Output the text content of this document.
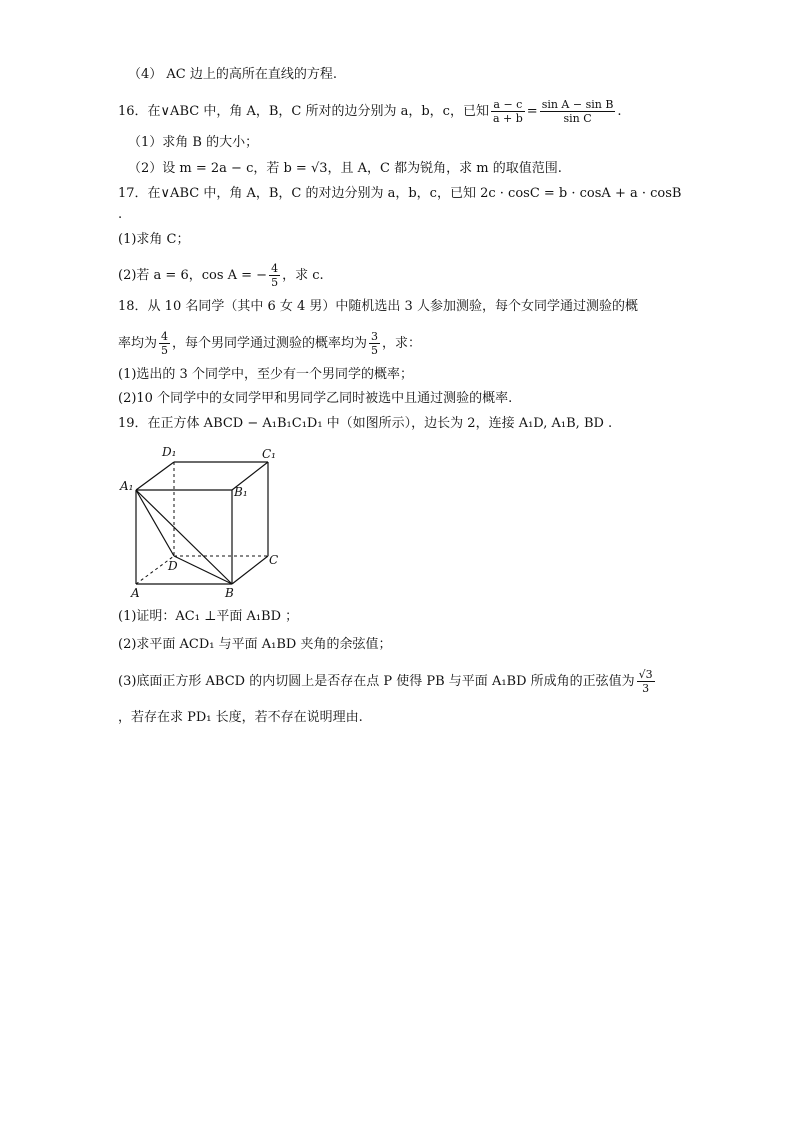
（4） AC 边上的高所在直线的方程.
16．在∨ABC 中，角 A，B，C 所对的边分别为 a，b，c，已知 $\frac{a - c}{a + b} = \frac{\text{sin A − sin B}}{\text{sin C}}$ .
（1）求角 B 的大小；
（2）设 m = 2a − c，若 b = √3，且 A，C 都为锐角，求 m 的取值范围.
17．在∨ABC 中，角 A，B，C 的对边分别为 a，b，c，已知 2c · cosC = b · cosA + a · cosB
.
(1)求角 C；
(2)若 a = 6，cos A = − $\frac{4}{5}$ ，求 c.
18．从 10 名同学（其中 6 女 4 男）中随机选出 3 人参加测验，每个女同学通过测验的概
率均为 $\frac{4}{5}$ ，每个男同学通过测验的概率均为 $\frac{3}{5}$ ，求：
(1)选出的 3 个同学中，至少有一个男同学的概率；
(2)10 个同学中的女同学甲和男同学乙同时被选中且通过测验的概率.
19．在正方体 ABCD − A₁B₁C₁D₁ 中（如图所示），边长为 2，连接 A₁D, A₁B, BD .
D₁	C₁
A₁	B₁
D	C
A	B
(1)证明：AC₁ ⊥平面 A₁BD ；
(2)求平面 ACD₁ 与平面 A₁BD 夹角的余弦值；
(3)底面正方形 ABCD 的内切圆上是否存在点 P 使得 PB 与平面 A₁BD 所成角的正弦值为 $\frac{√3}{3}$
，若存在求 PD₁ 长度，若不存在说明理由.
